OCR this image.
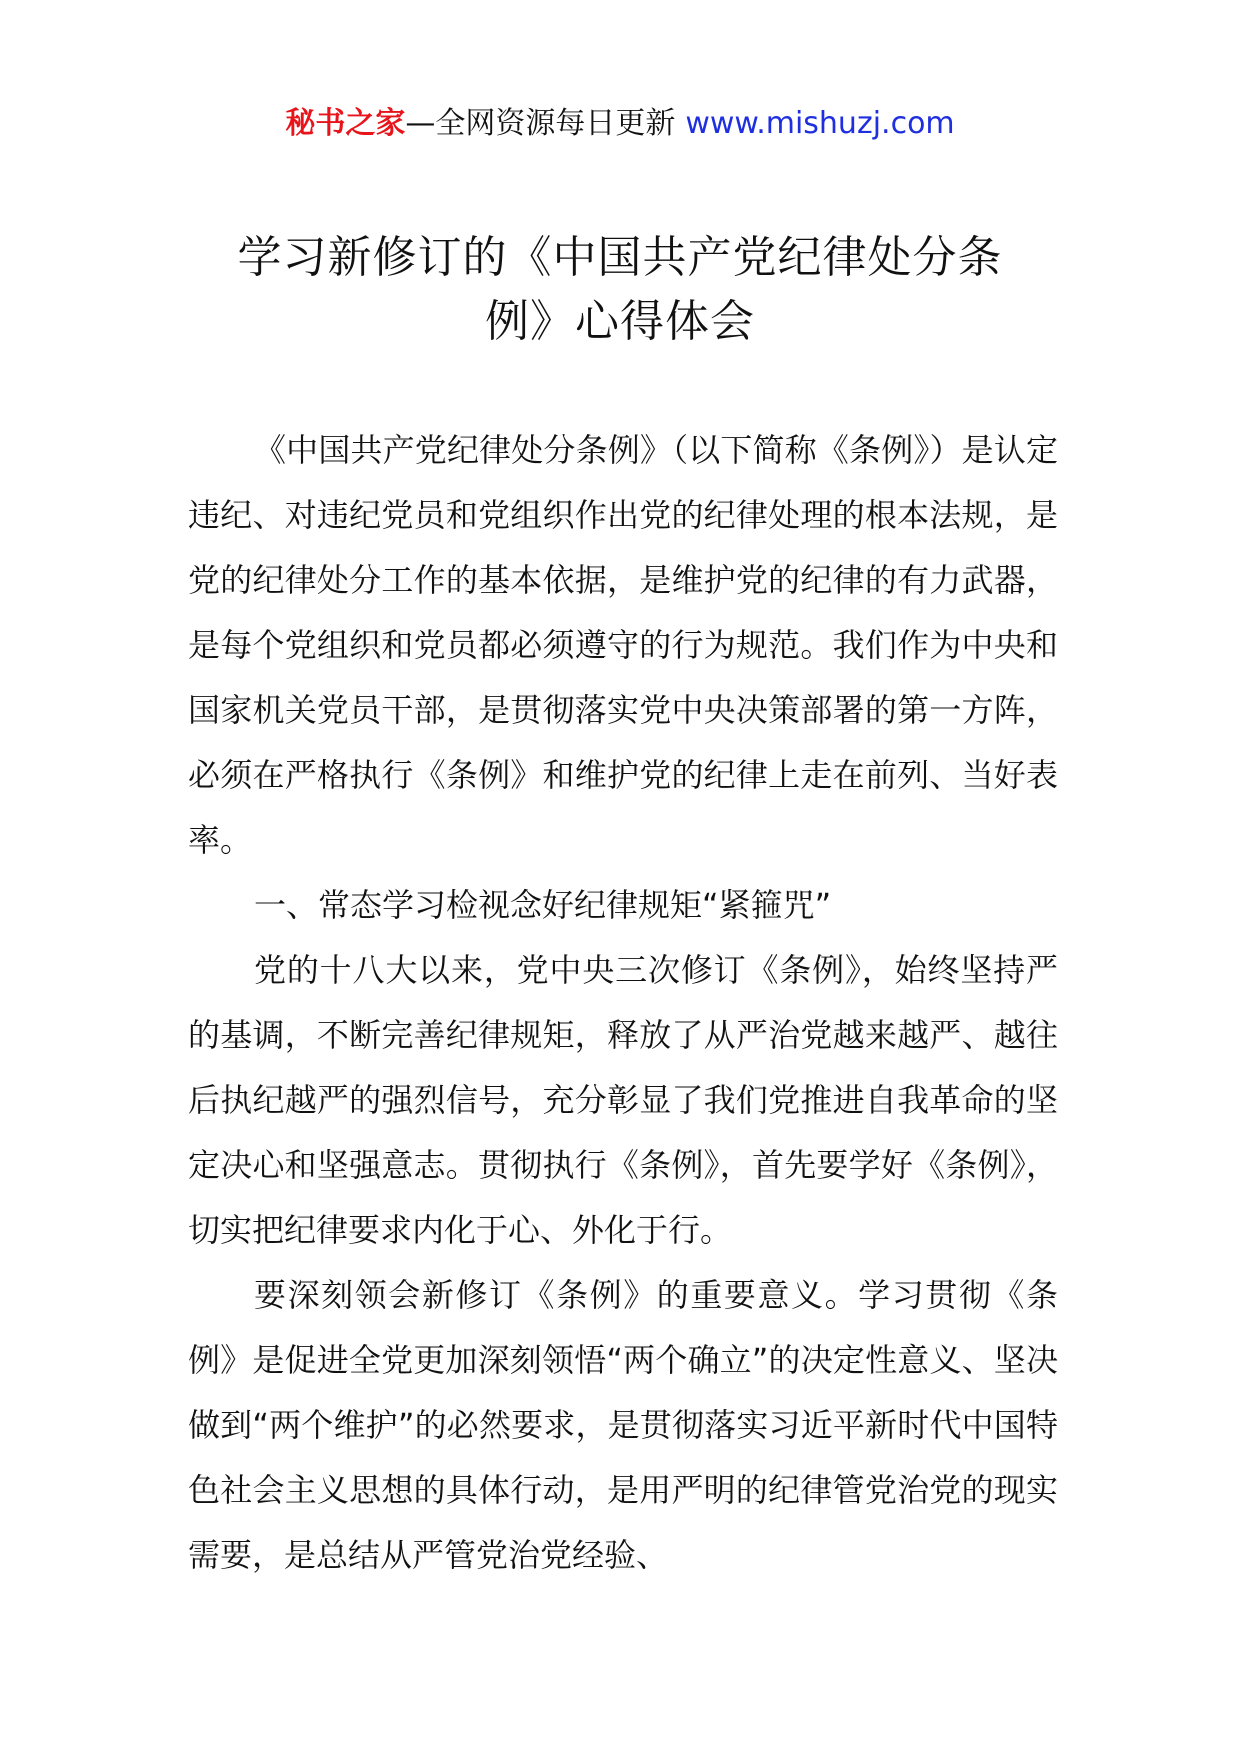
秘书之家—全网资源每日更新 www.mishuzj.com
学习新修订的《中国共产党纪律处分条
例》心得体会

《中国共产党纪律处分条例》（以下简称《条例》）是认定违纪、对违纪党员和党组织作出党的纪律处理的根本法规，是党的纪律处分工作的基本依据，是维护党的纪律的有力武器，是每个党组织和党员都必须遵守的行为规范。我们作为中央和国家机关党员干部，是贯彻落实党中央决策部署的第一方阵，必须在严格执行《条例》和维护党的纪律上走在前列、当好表率。

一、常态学习检视念好纪律规矩“紧箍咒”

党的十八大以来，党中央三次修订《条例》，始终坚持严的基调，不断完善纪律规矩，释放了从严治党越来越严、越往后执纪越严的强烈信号，充分彰显了我们党推进自我革命的坚定决心和坚强意志。贯彻执行《条例》，首先要学好《条例》，切实把纪律要求内化于心、外化于行。

要深刻领会新修订《条例》的重要意义。学习贯彻《条例》是促进全党更加深刻领悟“两个确立”的决定性意义、坚决做到“两个维护”的必然要求，是贯彻落实习近平新时代中国特色社会主义思想的具体行动，是用严明的纪律管党治党的现实需要，是总结从严管党治党经验、
